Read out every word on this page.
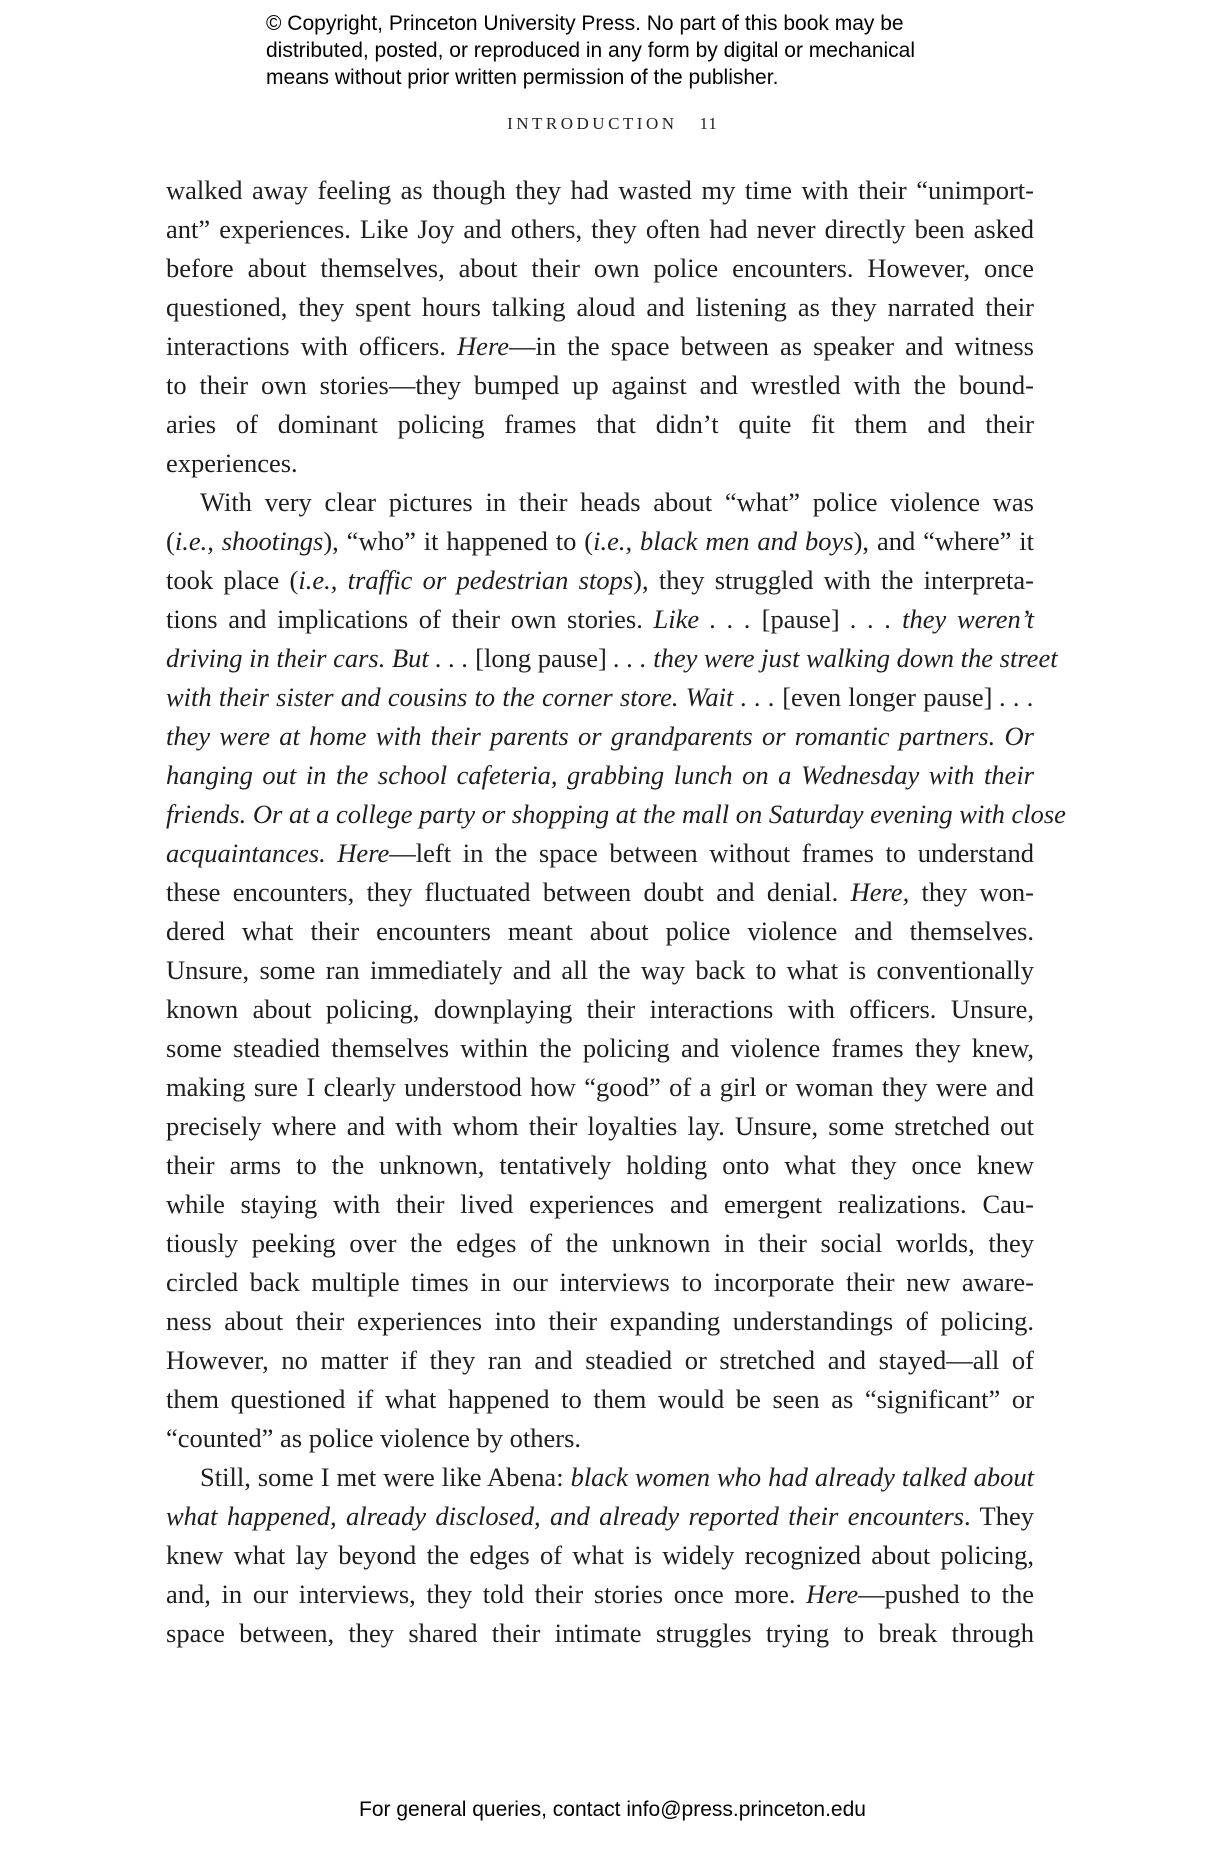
© Copyright, Princeton University Press. No part of this book may be
distributed, posted, or reproduced in any form by digital or mechanical
means without prior written permission of the publisher.
INTRODUCTION 11
walked away feeling as though they had wasted my time with their “unimport-
ant” experiences. Like Joy and others, they often had never directly been asked
before about themselves, about their own police encounters. However, once
questioned, they spent hours talking aloud and listening as they narrated their
interactions with officers. Here—in the space between as speaker and witness
to their own stories—they bumped up against and wrestled with the bound-
aries of dominant policing frames that didn’t quite fit them and their
experiences.
With very clear pictures in their heads about “what” police violence was
(i.e., shootings), “who” it happened to (i.e., black men and boys), and “where” it
took place (i.e., traffic or pedestrian stops), they struggled with the interpreta-
tions and implications of their own stories. Like . . . [pause] . . . they weren’t
driving in their cars. But . . . [long pause] . . . they were just walking down the street
with their sister and cousins to the corner store. Wait . . . [even longer pause] . . .
they were at home with their parents or grandparents or romantic partners. Or
hanging out in the school cafeteria, grabbing lunch on a Wednesday with their
friends. Or at a college party or shopping at the mall on Saturday evening with close
acquaintances. Here—left in the space between without frames to understand
these encounters, they fluctuated between doubt and denial. Here, they won-
dered what their encounters meant about police violence and themselves.
Unsure, some ran immediately and all the way back to what is conventionally
known about policing, downplaying their interactions with officers. Unsure,
some steadied themselves within the policing and violence frames they knew,
making sure I clearly understood how “good” of a girl or woman they were and
precisely where and with whom their loyalties lay. Unsure, some stretched out
their arms to the unknown, tentatively holding onto what they once knew
while staying with their lived experiences and emergent realizations. Cau-
tiously peeking over the edges of the unknown in their social worlds, they
circled back multiple times in our interviews to incorporate their new aware-
ness about their experiences into their expanding understandings of policing.
However, no matter if they ran and steadied or stretched and stayed—all of
them questioned if what happened to them would be seen as “significant” or
“counted” as police violence by others.
Still, some I met were like Abena: black women who had already talked about
what happened, already disclosed, and already reported their encounters. They
knew what lay beyond the edges of what is widely recognized about policing,
and, in our interviews, they told their stories once more. Here—pushed to the
space between, they shared their intimate struggles trying to break through
For general queries, contact info@press.princeton.edu
